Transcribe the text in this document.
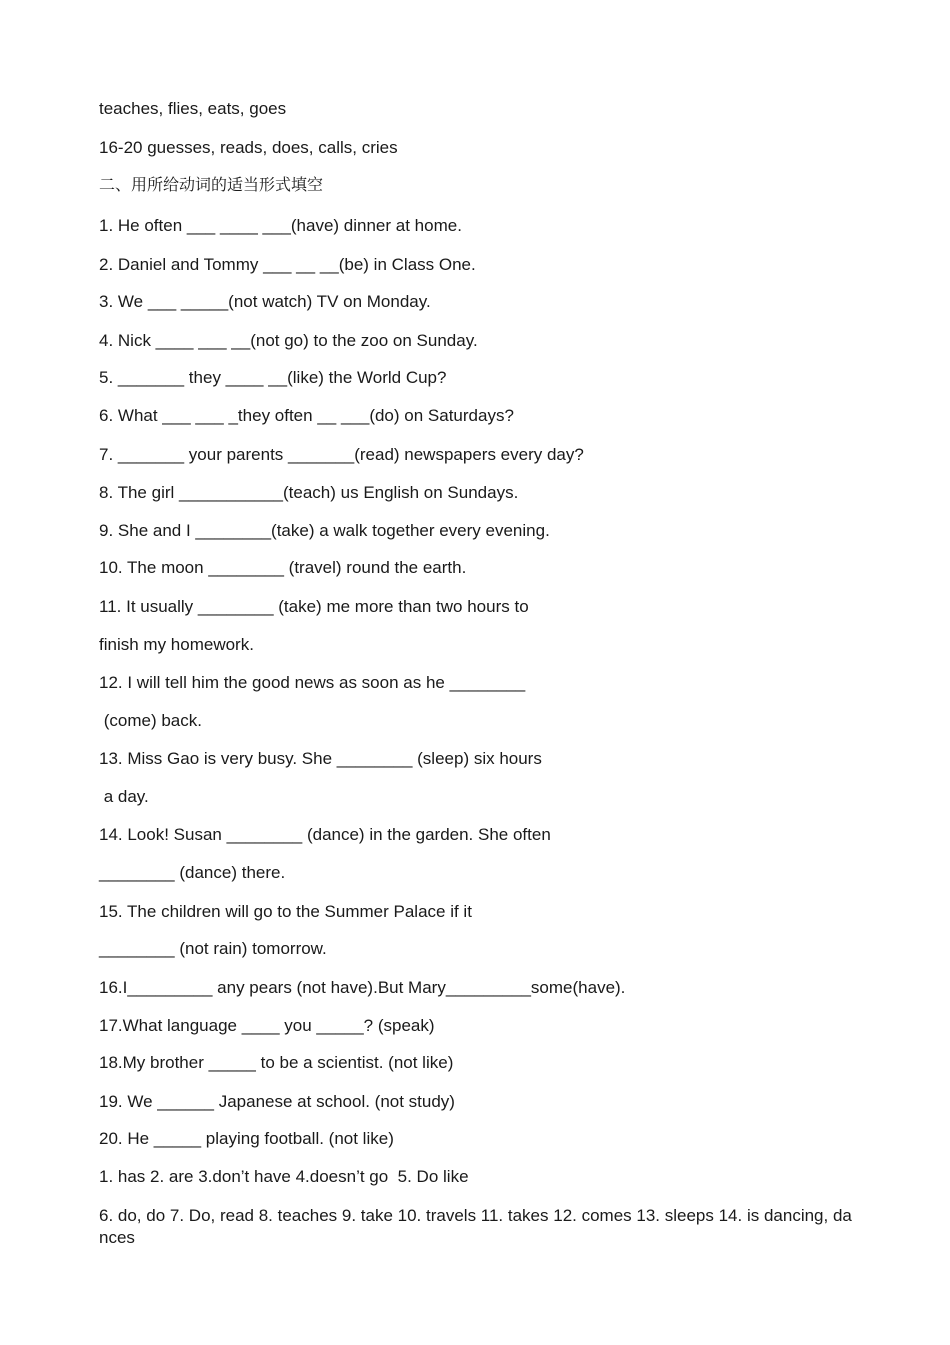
teaches, flies, eats, goes

16-20 guesses, reads, does, calls, cries

二、用所给动词的适当形式填空

1. He often ___ ____ ___(have) dinner at home.

2. Daniel and Tommy ___ __ __(be) in Class One.

3. We ___ _____(not watch) TV on Monday.

4. Nick ____ ___ __(not go) to the zoo on Sunday.

5. _______ they ____ __(like) the World Cup?

6. What ___ ___ _they often __ ___(do) on Saturdays?

7. _______ your parents _______(read) newspapers every day?

8. The girl ___________(teach) us English on Sundays.

9. She and I ________(take) a walk together every evening.

10. The moon ________ (travel) round the earth.

11. It usually ________ (take) me more than two hours to

finish my homework.

12. I will tell him the good news as soon as he ________

(come) back.

13. Miss Gao is very busy. She ________ (sleep) six hours

a day.

14. Look! Susan ________ (dance) in the garden. She often

________ (dance) there.

15. The children will go to the Summer Palace if it

________ (not rain) tomorrow.

16.I_________ any pears (not have).But Mary_________some(have).

17.What language ____ you _____? (speak)

18.My brother _____ to be a scientist. (not like)

19. We ______ Japanese at school. (not study)

20. He _____ playing football. (not like)

1. has 2. are 3.don’t have 4.doesn’t go  5. Do like

6. do, do 7. Do, read 8. teaches 9. take 10. travels 11. takes 12. comes 13. sleeps 14. is dancing, dances
